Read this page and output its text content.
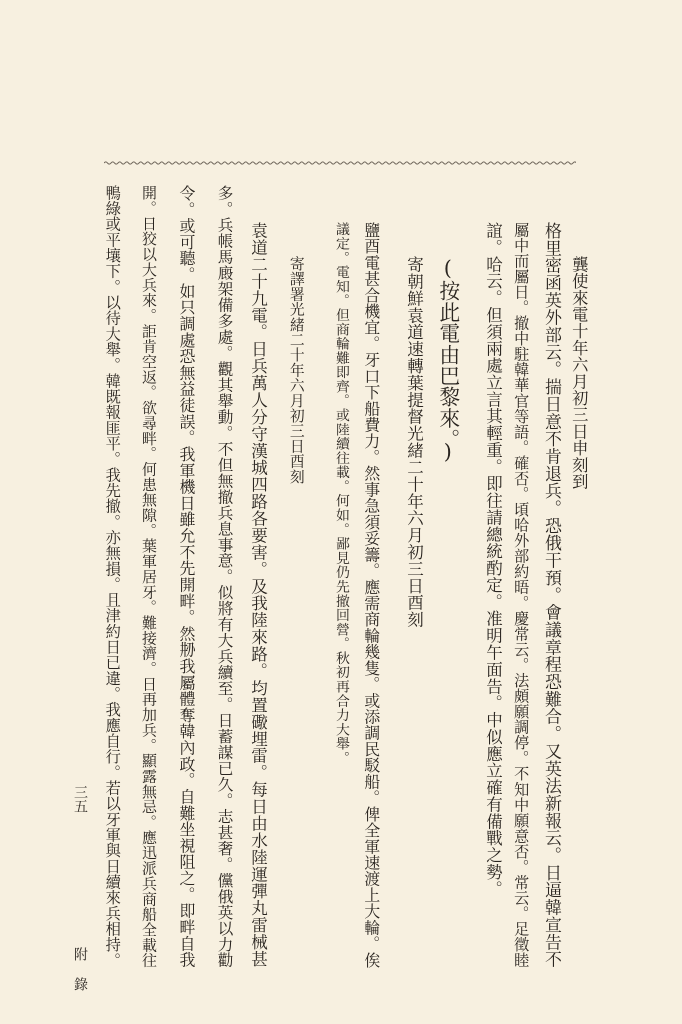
龔使來電十年六月初三日申刻到
格里密函英外部云。揣日意不肯退兵。恐俄干預。會議章程恐難合。又英法新報云。日逼韓宣告不
屬中而屬日。撤中駐韓華官等語。確否。頃哈外部約晤。慶常云。法頗願調停。不知中願意否。常云。足徵睦
誼。哈云。但須兩處立言其輕重。即往請總統酌定。准明午面告。中似應立確有備戰之勢。
(按此電由巴黎來。)
寄朝鮮袁道速轉葉提督光緒二十年六月初三日酉刻
鹽酉電甚合機宜。牙口下船費力。然事急須妥籌。應需商輪幾隻。或添調民駁船。俾全軍速渡上大輪。俟
議定。電知。但商輪難即齊。或陸續往載。何如。鄙見仍先撤回營。秋初再合力大舉。
寄譯署光緒二十年六月初三日酉刻
袁道二十九電。日兵萬人分守漢城四路各要害。及我陸來路。均置礮埋雷。每日由水陸運彈丸雷械甚
多。兵帳馬廄架備多處。觀其舉動。不但無撤兵息事意。似將有大兵續至。日蓄謀已久。志甚奢。儻俄英以力勸
令。或可聽。如只調處恐無益徒誤。我軍機日雖允不先開畔。然刱我屬體奪韓內政。自難坐視阻之。即畔自我
開。日狡以大兵來。詎肯空返。欲尋畔。何患無隙。葉軍居牙。難接濟。日再加兵。顯露無忌。應迅派兵商船全載往
鴨綠或平壤下。以待大舉。韓既報匪平。我先撤。亦無損。且津約日已違。我應自行。若以牙軍與日續來兵相持。
附 錄
三五
